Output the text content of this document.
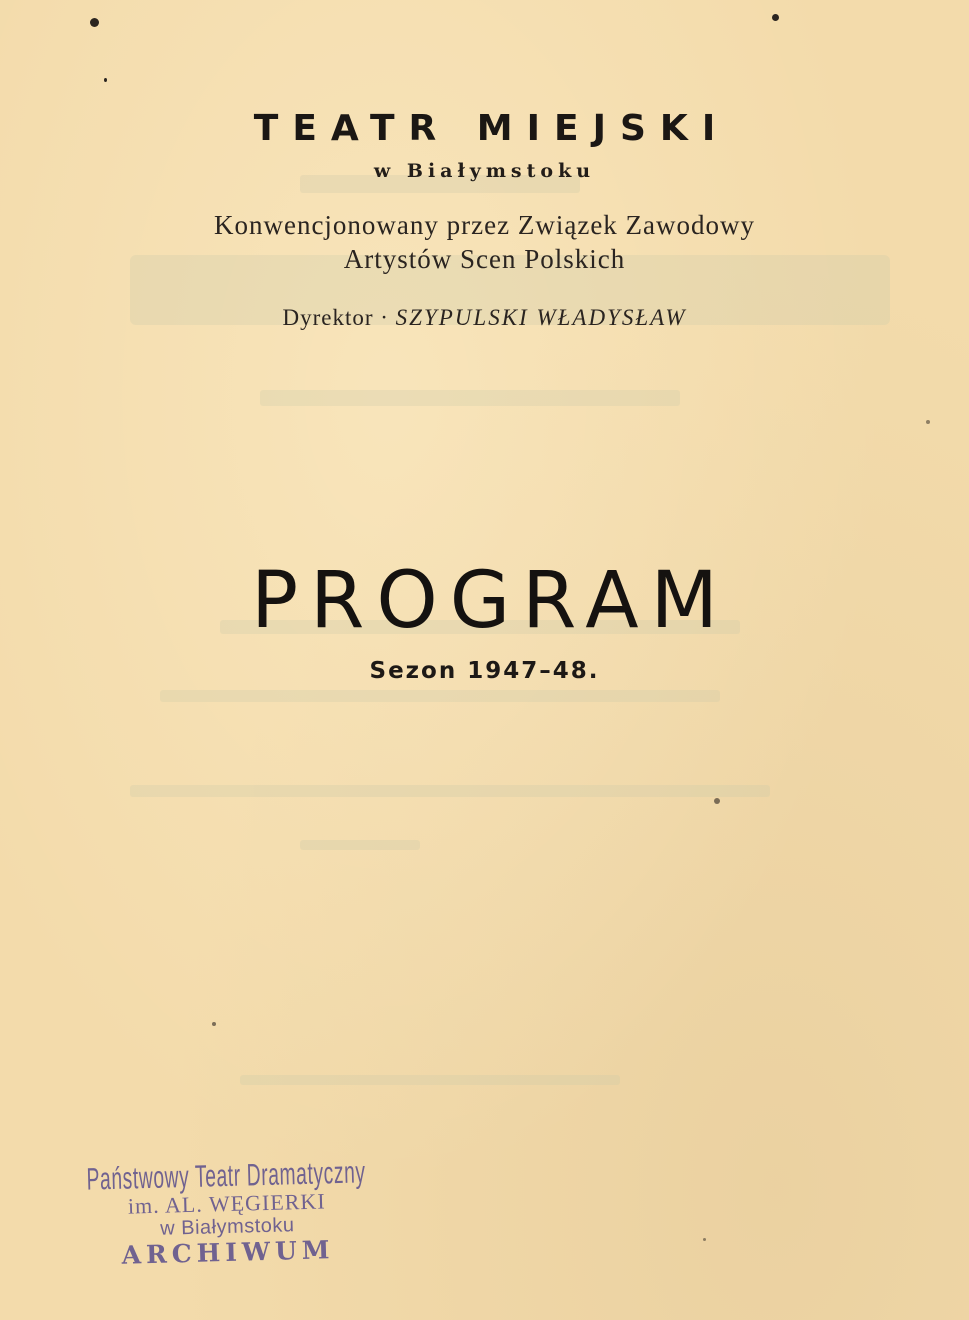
TEATR MIEJSKI
w Białymstoku
Konwencjonowany przez Związek Zawodowy
Artystów Scen Polskich
Dyrektor · SZYPULSKI WŁADYSŁAW
PROGRAM
Sezon 1947–48.
Państwowy Teatr Dramatyczny
im. AL. WĘGIERKI
w Białymstoku
ARCHIWUM
